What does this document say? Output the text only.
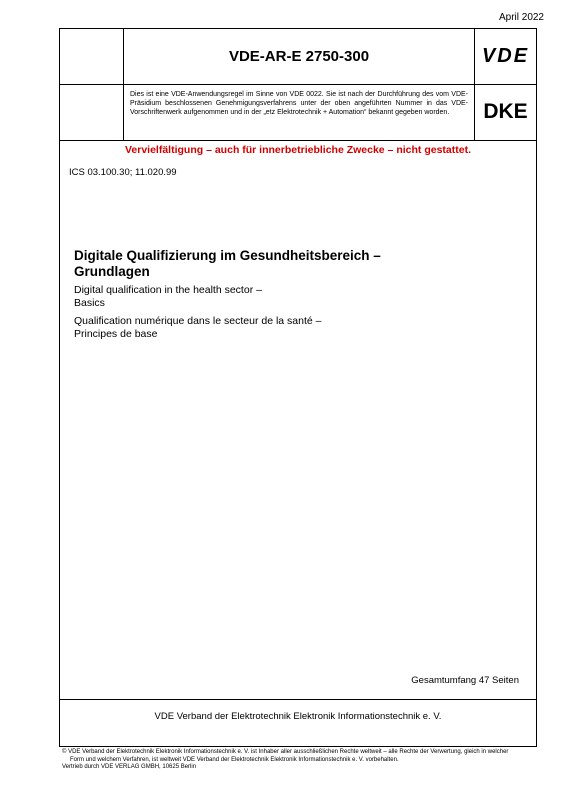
April 2022
VDE-AR-E 2750-300	VDE
Dies ist eine VDE-Anwendungsregel im Sinne von VDE 0022. Sie ist nach der Durchführung des vom VDE-Präsidium beschlossenen Genehmigungsverfahrens unter der oben angeführten Nummer in das VDE-Vorschriftenwerk aufgenommen und in der „etz Elektrotechnik + Automation“ bekannt gegeben worden.	DKE
Vervielfältigung – auch für innerbetriebliche Zwecke – nicht gestattet.
ICS 03.100.30; 11.020.99
Digitale Qualifizierung im Gesundheitsbereich –
Grundlagen
Digital qualification in the health sector –
Basics
Qualification numérique dans le secteur de la santé –
Principes de base
Gesamtumfang 47 Seiten
VDE Verband der Elektrotechnik Elektronik Informationstechnik e. V.
© VDE Verband der Elektrotechnik Elektronik Informationstechnik e. V. ist Inhaber aller ausschließlichen Rechte weltweit – alle Rechte der Verwertung, gleich in welcher
Form und welchem Verfahren, ist weltweit VDE Verband der Elektrotechnik Elektronik Informationstechnik e. V. vorbehalten.
Vertrieb durch VDE VERLAG GMBH, 10625 Berlin
